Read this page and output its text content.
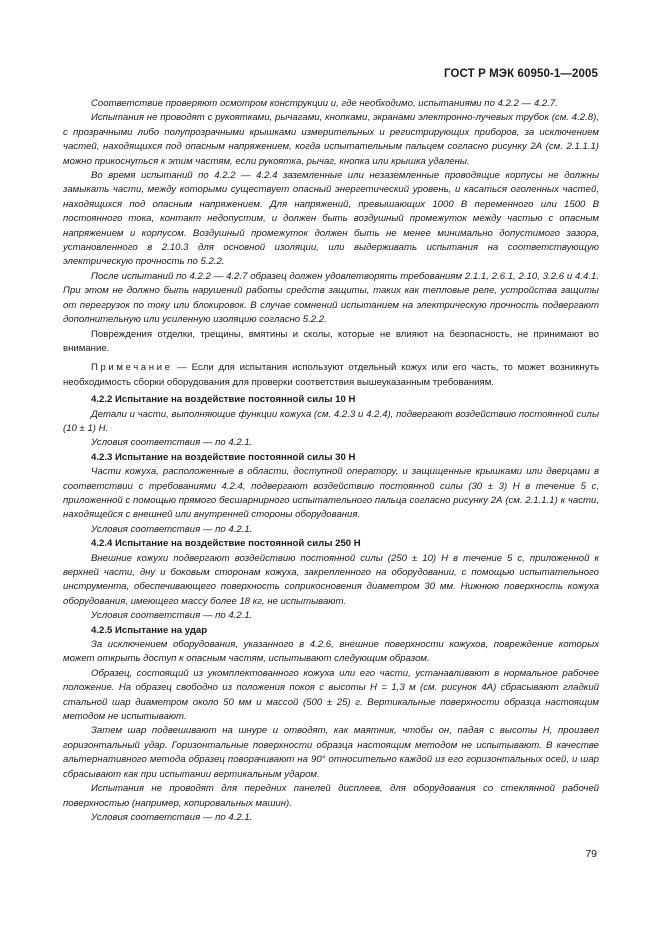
ГОСТ Р МЭК 60950-1—2005

Соответствие проверяют осмотром конструкции и, где необходимо, испытаниями по 4.2.2 — 4.2.7.

Испытания не проводят с рукоятками, рычагами, кнопками, экранами электронно-лучевых трубок (см. 4.2.8), с прозрачными либо полупрозрачными крышками измерительных и регистрирующих приборов, за исключением частей, находящихся под опасным напряжением, когда испытательным пальцем согласно рисунку 2А (см. 2.1.1.1) можно прикоснуться к этим частям, если рукоятка, рычаг, кнопка или крышка удалены.

Во время испытаний по 4.2.2 — 4.2.4 заземленные или незаземленные проводящие корпусы не должны замыкать части, между которыми существует опасный энергетический уровень, и касаться оголенных частей, находящихся под опасным напряжением. Для напряжений, превышающих 1000 В переменного или 1500 В постоянного тока, контакт недопустим, и должен быть воздушный промежуток между частью с опасным напряжением и корпусом. Воздушный промежуток должен быть не менее минимально допустимого зазора, установленного в 2.10.3 для основной изоляции, или выдерживать испытания на соответствующую электрическую прочность по 5.2.2.

После испытаний по 4.2.2 — 4.2.7 образец должен удовлетворять требованиям 2.1.1, 2.6.1, 2.10, 3.2.6 и 4.4.1. При этом не должно быть нарушений работы средств защиты, таких как тепловые реле, устройства защиты от перегрузок по току или блокировок. В случае сомнений испытанием на электрическую прочность подвергают дополнительную или усиленную изоляцию согласно 5.2.2.

Повреждения отделки, трещины, вмятины и сколы, которые не влияют на безопасность, не принимают во внимание.

Примечание — Если для испытания используют отдельный кожух или его часть, то может возникнуть необходимость сборки оборудования для проверки соответствия вышеуказанным требованиям.

4.2.2 Испытание на воздействие постоянной силы 10 Н

Детали и части, выполняющие функции кожуха (см. 4.2.3 и 4.2.4), подвергают воздействию постоянной силы (10 ± 1) Н.

Условия соответствия — по 4.2.1.

4.2.3 Испытание на воздействие постоянной силы 30 Н

Части кожуха, расположенные в области, доступной оператору, и защищенные крышками или дверцами в соответствии с требованиями 4.2.4, подвергают воздействию постоянной силы (30 ± 3) Н в течение 5 с, приложенной с помощью прямого бесшарнирного испытательного пальца согласно рисунку 2А (см. 2.1.1.1) к части, находящейся с внешней или внутренней стороны оборудования.

Условия соответствия — по 4.2.1.

4.2.4 Испытание на воздействие постоянной силы 250 Н

Внешние кожухи подвергают воздействию постоянной силы (250 ± 10) Н в течение 5 с, приложенной к верхней части, дну и боковым сторонам кожуха, закрепленного на оборудовании, с помощью испытательного инструмента, обеспечивающего поверхность соприкосновения диаметром 30 мм. Нижнюю поверхность кожуха оборудования, имеющего массу более 18 кг, не испытывают.

Условия соответствия — по 4.2.1.

4.2.5 Испытание на удар

За исключением оборудования, указанного в 4.2.6, внешние поверхности кожухов, повреждение которых может открыть доступ к опасным частям, испытывают следующим образом.

Образец, состоящий из укомплектованного кожуха или его части, устанавливают в нормальное рабочее положение. На образец свободно из положения покоя с высоты H = 1,3 м (см. рисунок 4А) сбрасывают гладкий стальной шар диаметром около 50 мм и массой (500 ± 25) г. Вертикальные поверхности образца настоящим методом не испытывают.

Затем шар подвешивают на шнуре и отводят, как маятник, чтобы он, падая с высоты H, произвел горизонтальный удар. Горизонтальные поверхности образца настоящим методом не испытывают. В качестве альтернативного метода образец поворачивают на 90° относительно каждой из его горизонтальных осей, и шар сбрасывают как при испытании вертикальным ударом.

Испытания не проводят для передних панелей дисплеев, для оборудования со стеклянной рабочей поверхностью (например, копировальных машин).

Условия соответствия — по 4.2.1.

79
